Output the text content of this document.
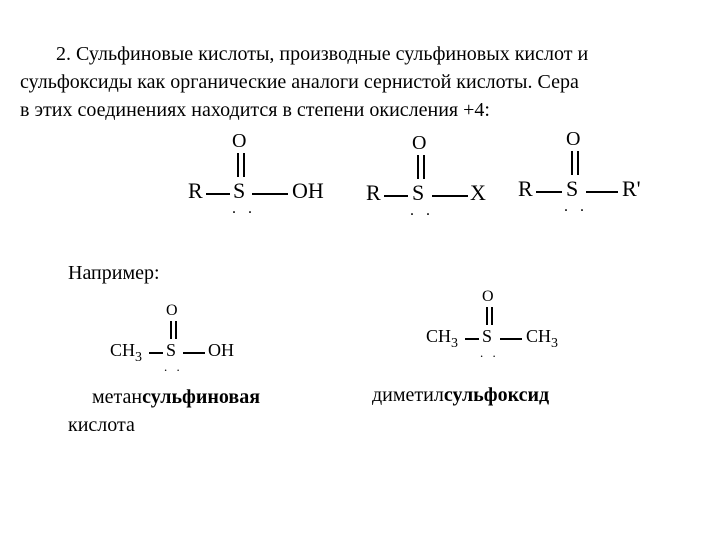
2. Сульфиновые кислоты, производные сульфиновых кислот и
сульфоксиды как органические аналоги сернистой кислоты. Сера
в этих соединениях находится в степени окисления +4:
O
R S OH
. .
O
R S X
. .
O
R S R'
. .
Например:
O
$CH_3$ S OH
. .
метансульфиновая
кислота
O
$CH_3$ S $CH_3$
. .
диметилсульфоксид
